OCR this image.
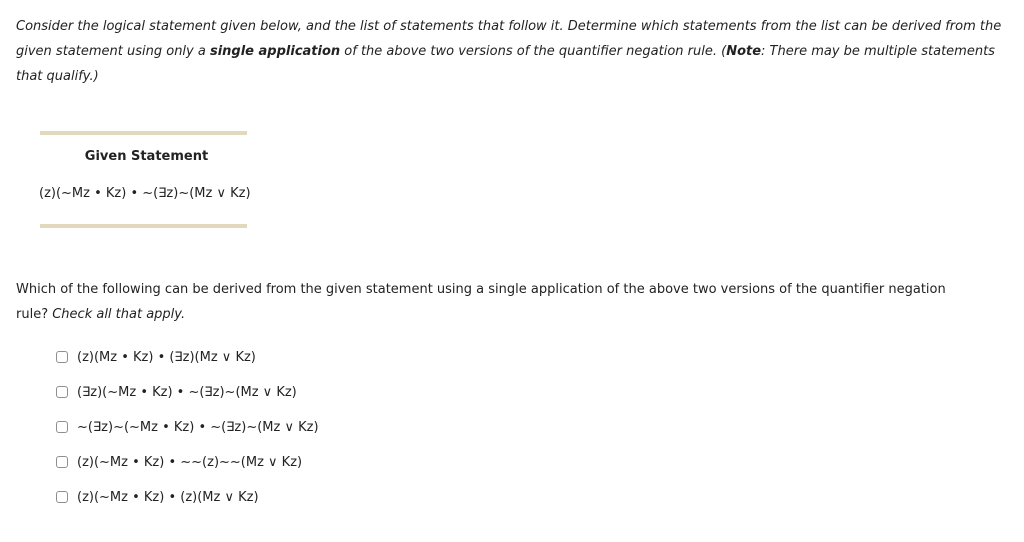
Consider the logical statement given below, and the list of statements that follow it. Determine which statements from the list can be derived from the given statement using only a single application of the above two versions of the quantifier negation rule. (Note: There may be multiple statements that qualify.)

Given Statement
(z)(~Mz • Kz) • ~(∃z)~(Mz ∨ Kz)

Which of the following can be derived from the given statement using a single application of the above two versions of the quantifier negation rule? Check all that apply.

(z)(Mz • Kz) • (∃z)(Mz ∨ Kz)
(∃z)(~Mz • Kz) • ~(∃z)~(Mz ∨ Kz)
~(∃z)~(~Mz • Kz) • ~(∃z)~(Mz ∨ Kz)
(z)(~Mz • Kz) • ~~(z)~~(Mz ∨ Kz)
(z)(~Mz • Kz) • (z)(Mz ∨ Kz)
